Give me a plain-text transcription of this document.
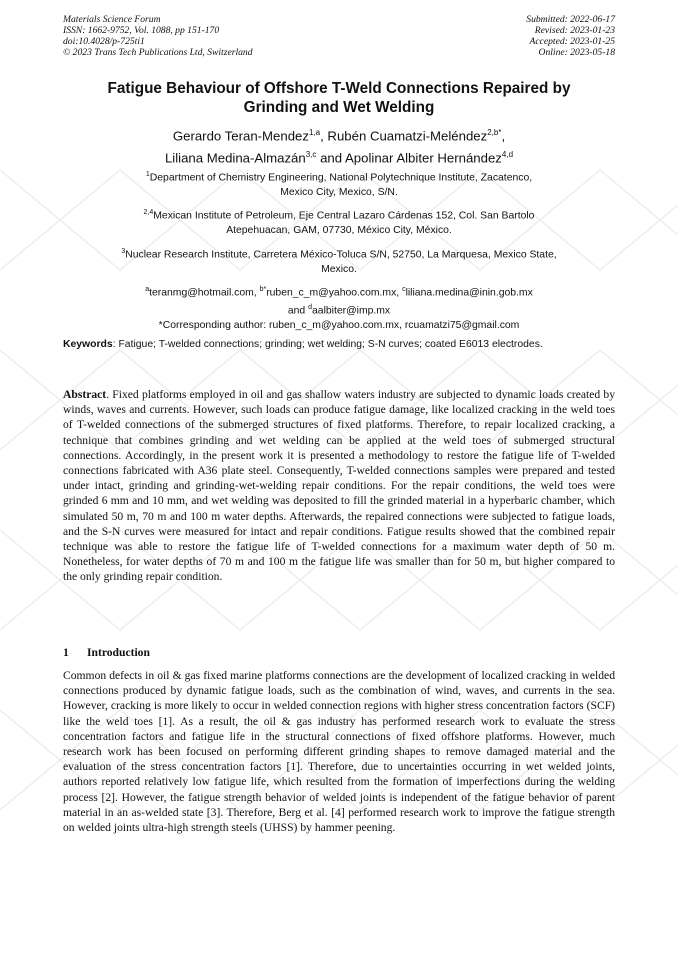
Materials Science Forum
ISSN: 1662-9752, Vol. 1088, pp 151-170
doi:10.4028/p-725ti1
© 2023 Trans Tech Publications Ltd, Switzerland
Submitted: 2022-06-17
Revised: 2023-01-23
Accepted: 2023-01-25
Online: 2023-05-18
Fatigue Behaviour of Offshore T-Weld Connections Repaired by
Grinding and Wet Welding
Gerardo Teran-Mendez$^{1,a}$, Rubén Cuamatzi-Meléndez$^{2,b*}$,
Liliana Medina-Almazán$^{3,c}$ and Apolinar Albiter Hernández$^{4,d}$

$^1$Department of Chemistry Engineering, National Polytechnique Institute, Zacatenco,
Mexico City, Mexico, S/N.

$^{2,4}$Mexican Institute of Petroleum, Eje Central Lazaro Cárdenas 152, Col. San Bartolo
Atepehuacan, GAM, 07730, México City, México.

$^3$Nuclear Research Institute, Carretera México-Toluca S/N, 52750, La Marquesa, Mexico State,
Mexico.

$^a$teranmg@hotmail.com, $^{b*}$ruben_c_m@yahoo.com.mx, $^c$liliana.medina@inin.gob.mx

and $^d$aalbiter@imp.mx

*Corresponding author: ruben_c_m@yahoo.com.mx, rcuamatzi75@gmail.com

Keywords: Fatigue; T-welded connections; grinding; wet welding; S-N curves; coated E6013 electrodes.

Abstract. Fixed platforms employed in oil and gas shallow waters industry are subjected to dynamic loads created by winds, waves and currents. However, such loads can produce fatigue damage, like localized cracking in the weld toes of T-welded connections of the submerged structures of fixed platforms. Therefore, to repair localized cracking, a technique that combines grinding and wet welding can be applied at the weld toes of submerged structural connections. Accordingly, in the present work it is presented a methodology to restore the fatigue life of T-welded connections fabricated with A36 plate steel. Consequently, T-welded connections samples were prepared and tested under intact, grinding and grinding-wet-welding repair conditions. For the repair conditions, the weld toes were grinded 6 mm and 10 mm, and wet welding was deposited to fill the grinded material in a hyperbaric chamber, which simulated 50 m, 70 m and 100 m water depths. Afterwards, the repaired connections were subjected to fatigue loads, and the S-N curves were measured for intact and repair conditions. Fatigue results showed that the combined repair technique was able to restore the fatigue life of T-welded connections for a maximum water depth of 50 m. Nonetheless, for water depths of 70 m and 100 m the fatigue life was smaller than for 50 m, but higher compared to the only grinding repair condition.

1 Introduction

Common defects in oil & gas fixed marine platforms connections are the development of localized cracking in welded connections produced by dynamic fatigue loads, such as the combination of wind, waves, and currents in the sea. However, cracking is more likely to occur in welded connection regions with higher stress concentration factors (SCF) like the weld toes [1]. As a result, the oil & gas industry has performed research work to evaluate the stress concentration factors and fatigue life in the structural connections of fixed offshore platforms. However, much research work has been focused on performing different grinding shapes to remove damaged material and the evaluation of the stress concentration factors [1]. Therefore, due to uncertainties occurring in wet welded joints, authors reported relatively low fatigue life, which resulted from the formation of imperfections during the welding process [2]. However, the fatigue strength behavior of welded joints is independent of the fatigue behavior of parent material in an as-welded state [3]. Therefore, Berg et al. [4] performed research work to improve the fatigue strength on welded joints ultra-high strength steels (UHSS) by hammer peening.
